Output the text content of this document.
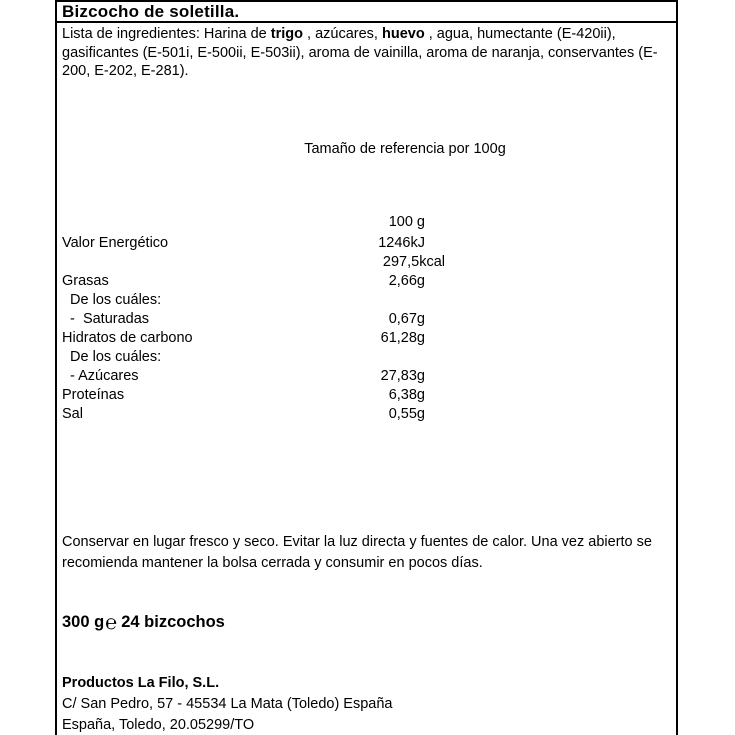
Bizcocho de soletilla.
Lista de ingredientes: Harina de trigo , azúcares, huevo , agua, humectante (E-420ii), gasificantes (E-501i, E-500ii, E-503ii), aroma de vainilla, aroma de naranja, conservantes (E-200, E-202, E-281).
Tamaño de referencia por 100g
100 g
Valor Energético	1246kJ
297,5kcal
Grasas	2,66g
De los cuáles:
-  Saturadas	0,67g
Hidratos de carbono	61,28g
De los cuáles:
- Azúcares	27,83g
Proteínas	6,38g
Sal	0,55g
Conservar en lugar fresco y seco. Evitar la luz directa y fuentes de calor. Una vez abierto se recomienda mantener la bolsa cerrada y consumir en pocos días.
300 g℮ 24 bizcochos
Productos La Filo, S.L.
C/ San Pedro, 57 - 45534 La Mata (Toledo) España
España, Toledo, 20.05299/TO
